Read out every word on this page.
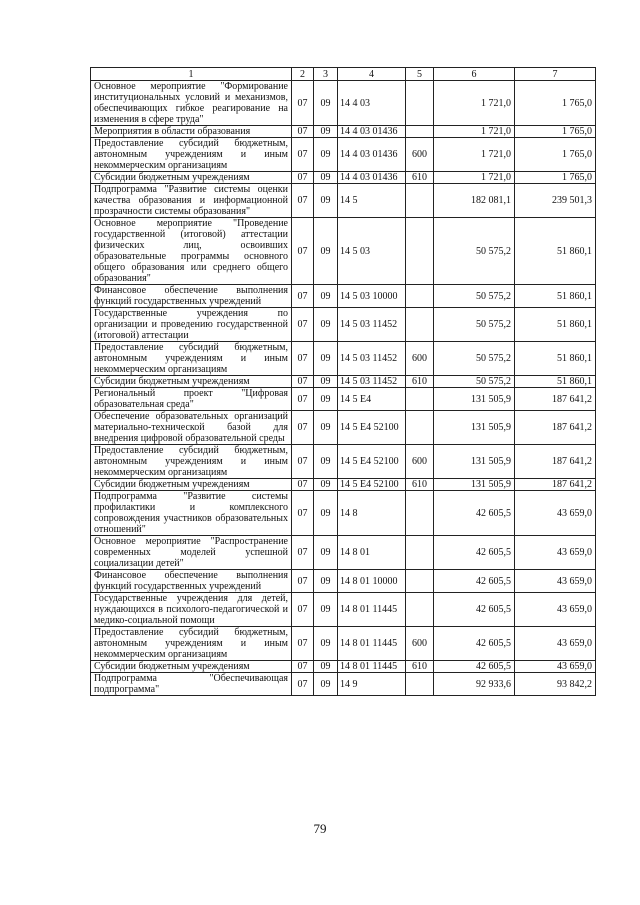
1	2	3	4	5	6	7
Основное мероприятие "Формирование институциональных условий и механизмов, обеспечивающих гибкое реагирование на изменения в сфере труда"	07	09	14 4 03		1 721,0	1 765,0
Мероприятия в области образования	07	09	14 4 03 01436		1 721,0	1 765,0
Предоставление субсидий бюджетным, автономным учреждениям и иным некоммерческим организациям	07	09	14 4 03 01436	600	1 721,0	1 765,0
Субсидии бюджетным учреждениям	07	09	14 4 03 01436	610	1 721,0	1 765,0
Подпрограмма "Развитие системы оценки качества образования и информационной прозрачности системы образования"	07	09	14 5		182 081,1	239 501,3
Основное мероприятие "Проведение государственной (итоговой) аттестации физических лиц, освоивших образовательные программы основного общего образования или среднего общего образования"	07	09	14 5 03		50 575,2	51 860,1
Финансовое обеспечение выполнения функций государственных учреждений	07	09	14 5 03 10000		50 575,2	51 860,1
Государственные учреждения по организации и проведению государственной (итоговой) аттестации	07	09	14 5 03 11452		50 575,2	51 860,1
Предоставление субсидий бюджетным, автономным учреждениям и иным некоммерческим организациям	07	09	14 5 03 11452	600	50 575,2	51 860,1
Субсидии бюджетным учреждениям	07	09	14 5 03 11452	610	50 575,2	51 860,1
Региональный проект "Цифровая образовательная среда"	07	09	14 5 E4		131 505,9	187 641,2
Обеспечение образовательных организаций материально-технической базой для внедрения цифровой образовательной среды	07	09	14 5 E4 52100		131 505,9	187 641,2
Предоставление субсидий бюджетным, автономным учреждениям и иным некоммерческим организациям	07	09	14 5 E4 52100	600	131 505,9	187 641,2
Субсидии бюджетным учреждениям	07	09	14 5 E4 52100	610	131 505,9	187 641,2
Подпрограмма "Развитие системы профилактики и комплексного сопровождения участников образовательных отношений"	07	09	14 8		42 605,5	43 659,0
Основное мероприятие "Распространение современных моделей успешной социализации детей"	07	09	14 8 01		42 605,5	43 659,0
Финансовое обеспечение выполнения функций государственных учреждений	07	09	14 8 01 10000		42 605,5	43 659,0
Государственные учреждения для детей, нуждающихся в психолого-педагогической и медико-социальной помощи	07	09	14 8 01 11445		42 605,5	43 659,0
Предоставление субсидий бюджетным, автономным учреждениям и иным некоммерческим организациям	07	09	14 8 01 11445	600	42 605,5	43 659,0
Субсидии бюджетным учреждениям	07	09	14 8 01 11445	610	42 605,5	43 659,0
Подпрограмма "Обеспечивающая подпрограмма"	07	09	14 9		92 933,6	93 842,2
79
